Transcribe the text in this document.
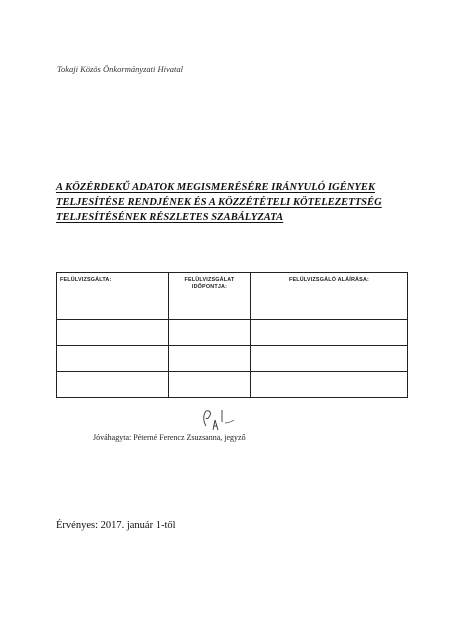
Tokaji Közös Önkormányzati Hivatal
A KÖZÉRDEKŰ ADATOK MEGISMERÉSÉRE IRÁNYULÓ IGÉNYEK
TELJESÍTÉSE RENDJÉNEK ÉS A KÖZZÉTÉTELI KÖTELEZETTSÉG
TELJESÍTÉSÉNEK RÉSZLETES SZABÁLYZATA
FELÜLVIZSGÁLTA:	FELÜLVIZSGÁLAT IDŐPONTJA:	FELÜLVIZSGÁLÓ ALÁÍRÁSA:

Jóváhagyta: Péterné Ferencz Zsuzsanna, jegyző
Érvényes: 2017. január 1-től
